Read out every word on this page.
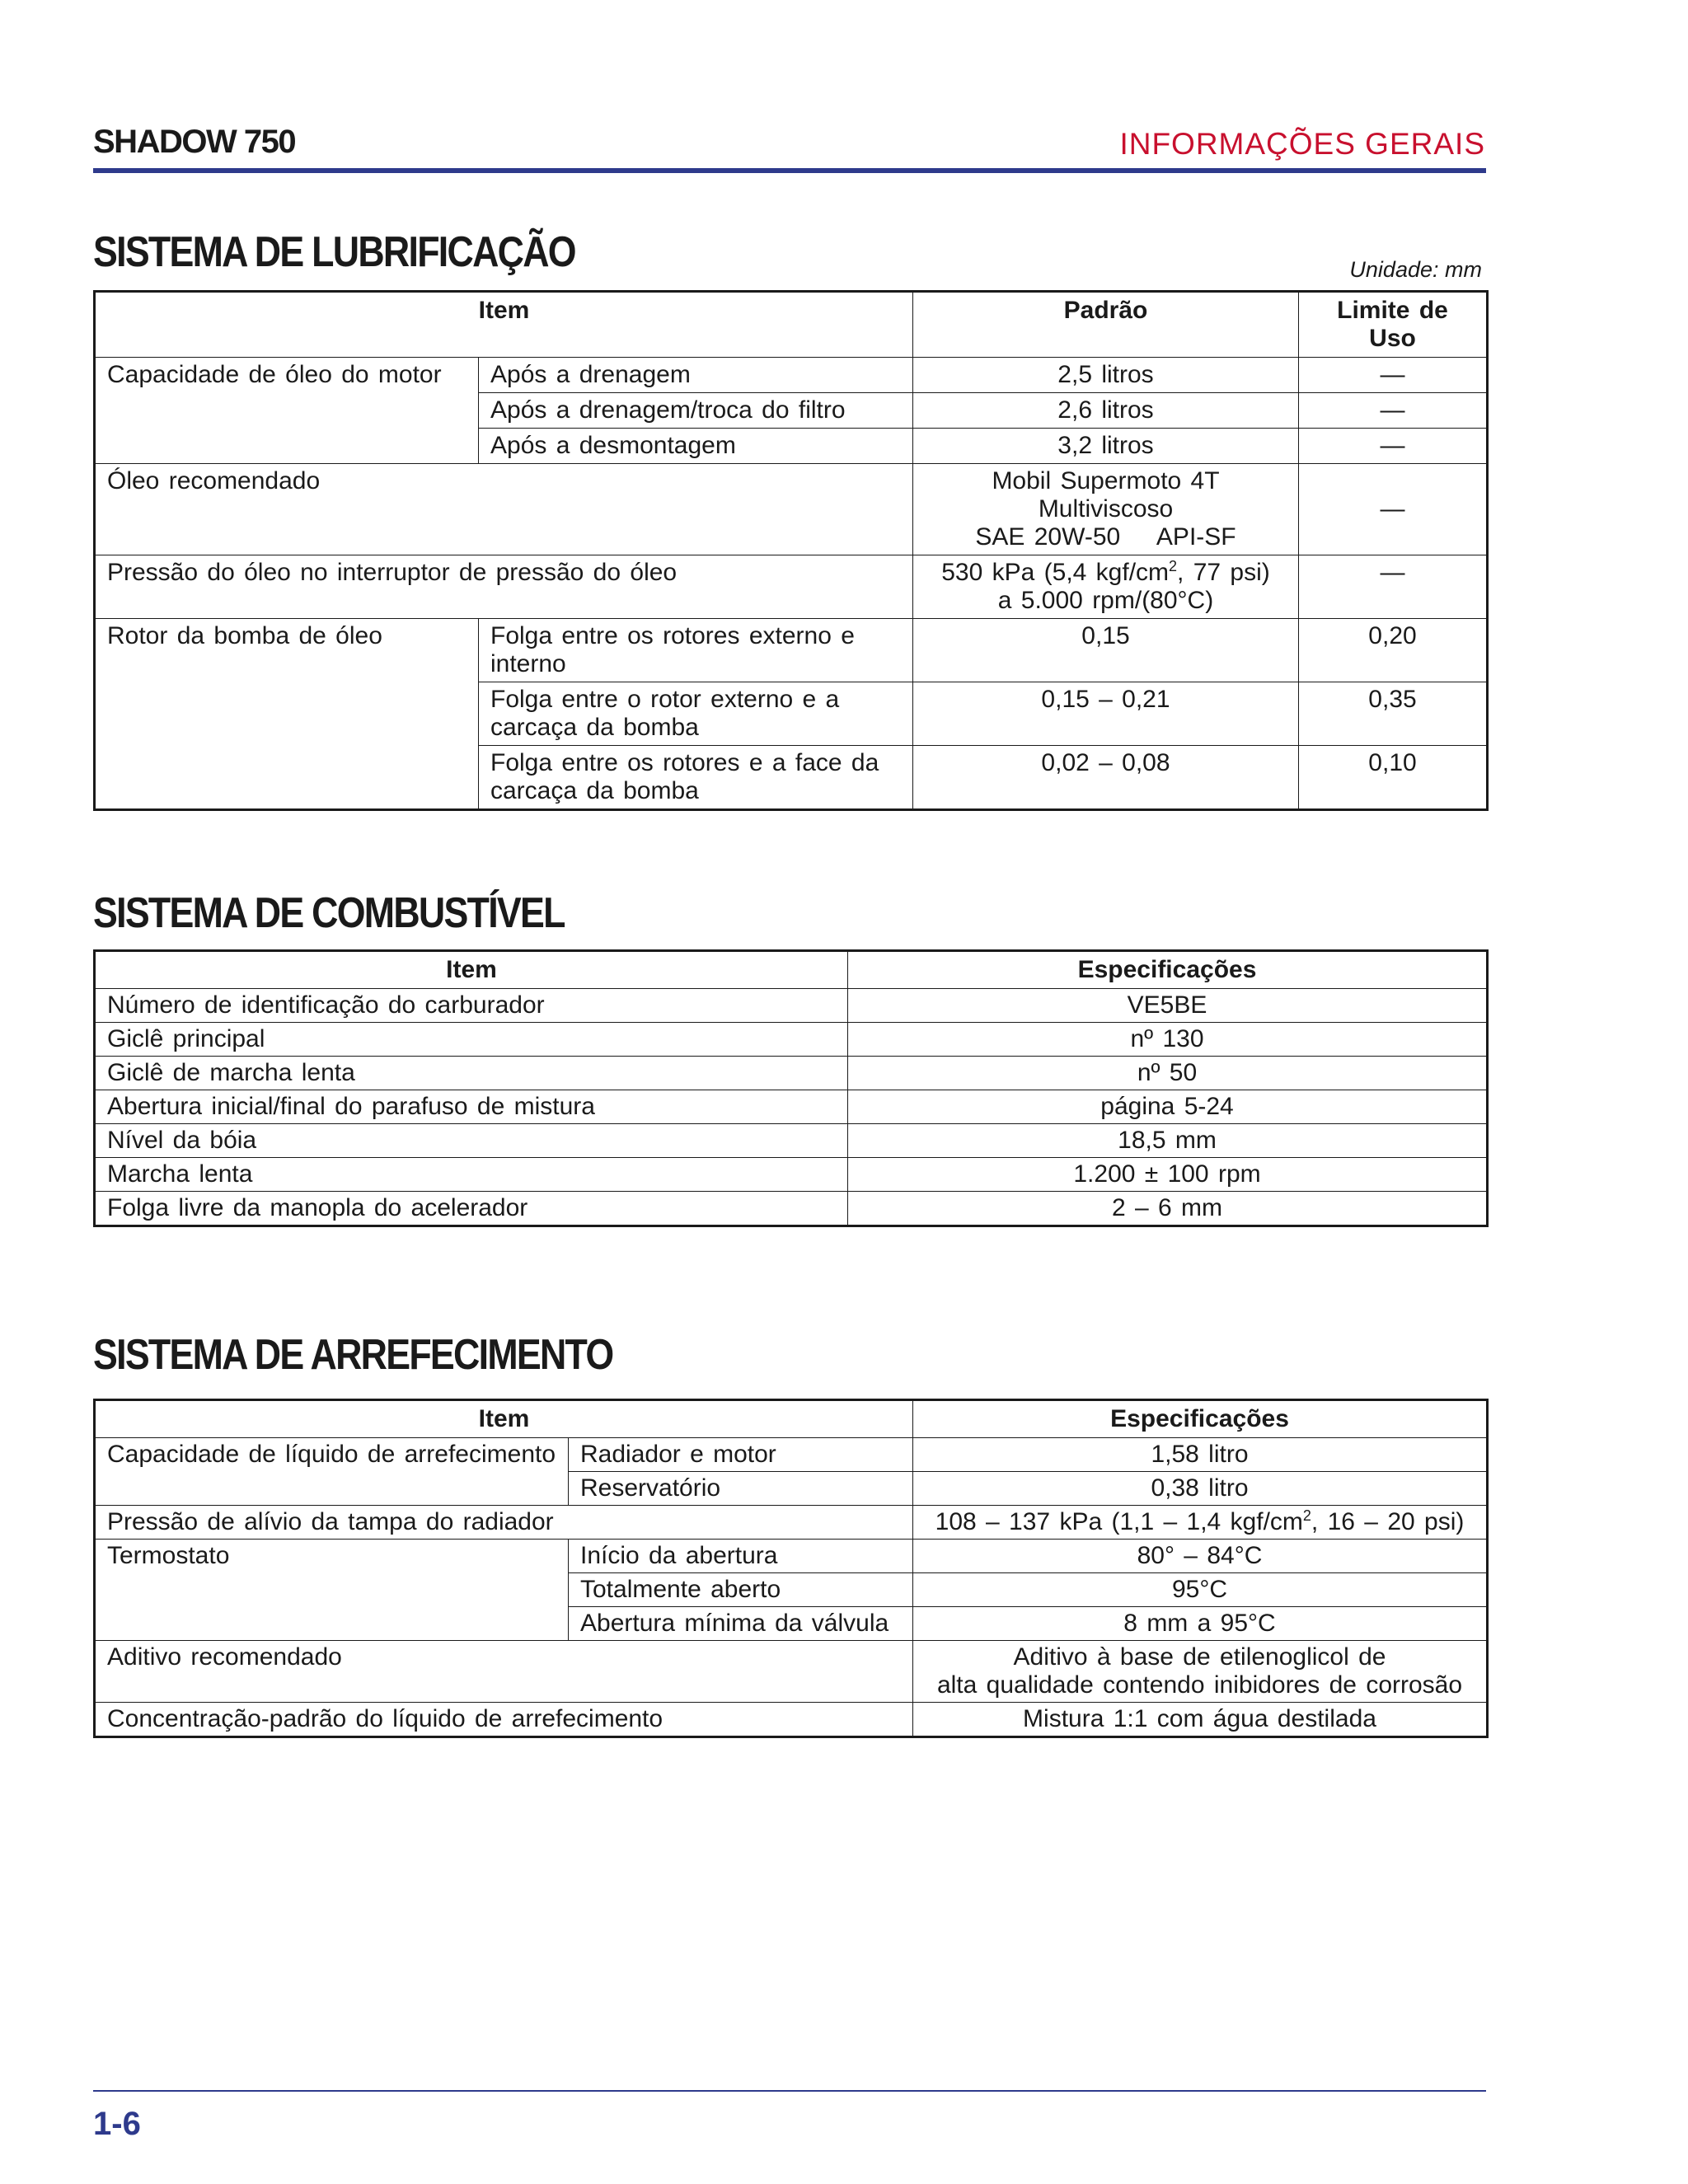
SHADOW 750	INFORMAÇÕES GERAIS
SISTEMA DE LUBRIFICAÇÃO	Unidade: mm
Item		Padrão	Limite de Uso
Capacidade de óleo do motor	Após a drenagem	2,5 litros	—
	Após a drenagem/troca do filtro	2,6 litros	—
	Após a desmontagem	3,2 litros	—
Óleo recomendado		Mobil Supermoto 4T
Multiviscoso
SAE 20W-50    API-SF	—
Pressão do óleo no interruptor de pressão do óleo		530 kPa (5,4 kgf/$cm^2$, 77 psi)
a 5.000 rpm/(80°C)	—
Rotor da bomba de óleo	Folga entre os rotores externo e interno	0,15	0,20
	Folga entre o rotor externo e a carcaça da bomba	0,15 – 0,21	0,35
	Folga entre os rotores e a face da carcaça da bomba	0,02 – 0,08	0,10
SISTEMA DE COMBUSTÍVEL
Item	Especificações
Número de identificação do carburador	VE5BE
Giclê principal	nº 130
Giclê de marcha lenta	nº 50
Abertura inicial/final do parafuso de mistura	página 5-24
Nível da bóia	18,5 mm
Marcha lenta	1.200 ± 100 rpm
Folga livre da manopla do acelerador	2 – 6 mm
SISTEMA DE ARREFECIMENTO
Item		Especificações
Capacidade de líquido de arrefecimento	Radiador e motor	1,58 litro
	Reservatório	0,38 litro
Pressão de alívio da tampa do radiador		108 – 137 kPa (1,1 – 1,4 kgf/$cm^2$, 16 – 20 psi)
Termostato	Início da abertura	80° – 84°C
	Totalmente aberto	95°C
	Abertura mínima da válvula	8 mm a 95°C
Aditivo recomendado		Aditivo à base de etilenoglicol de
alta qualidade contendo inibidores de corrosão

Concentração-padrão do líquido de arrefecimento		Mistura 1:1 com água destilada
1-6
